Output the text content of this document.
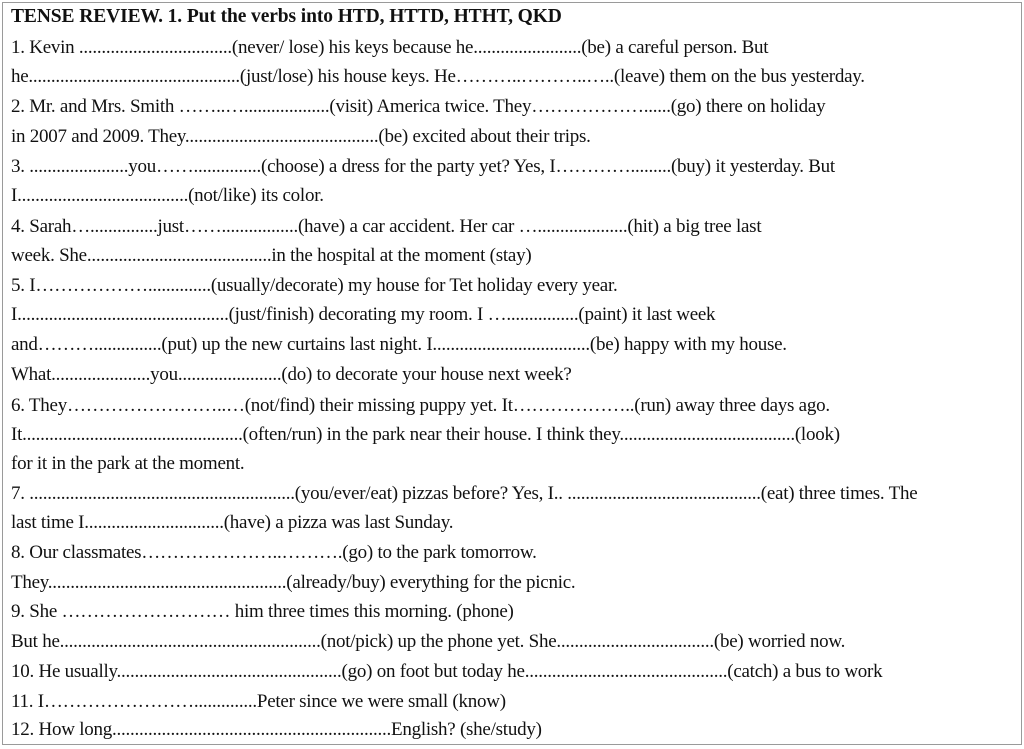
TENSE REVIEW. 1. Put the verbs into HTD, HTTD, HTHT, QKD
1. Kevin ..................................(never/ lose) his keys because he........................(be) a careful person. But
he...............................................(just/lose) his house keys. He………..………..…..(leave) them on the bus yesterday.
2. Mr. and Mrs. Smith ……..…...................(visit) America twice. They………………......(go) there on holiday
in 2007 and 2009. They...........................................(be) excited about their trips.
3. ......................you……...............(choose) a dress for the party yet? Yes, I………….........(buy) it yesterday. But
I......................................(not/like) its color.
4. Sarah…...............just…….................(have) a car accident. Her car …....................(hit) a big tree last
week. She.........................................in the hospital at the moment (stay)
5. I………………..............(usually/decorate) my house for Tet holiday every year.
I...............................................(just/finish) decorating my room. I …................(paint) it last week
and………...............(put) up the new curtains last night. I...................................(be) happy with my house.
What......................you.......................(do) to decorate your house next week?
6. They……………………..…(not/find) their missing puppy yet. It………………..(run) away three days ago.
It.................................................(often/run) in the park near their house. I think they.......................................(look)
for it in the park at the moment.
7. ...........................................................(you/ever/eat) pizzas before? Yes, I.. ...........................................(eat) three times. The
last time I...............................(have) a pizza was last Sunday.
8. Our classmates…………………..……….(go) to the park tomorrow.
They.....................................................(already/buy) everything for the picnic.
9. She ……………………… him three times this morning. (phone)
But he..........................................................(not/pick) up the phone yet. She...................................(be) worried now.
10. He usually..................................................(go) on foot but today he.............................................(catch) a bus to work
11. I……………………..............Peter since we were small (know)
12. How long..............................................................English? (she/study)
